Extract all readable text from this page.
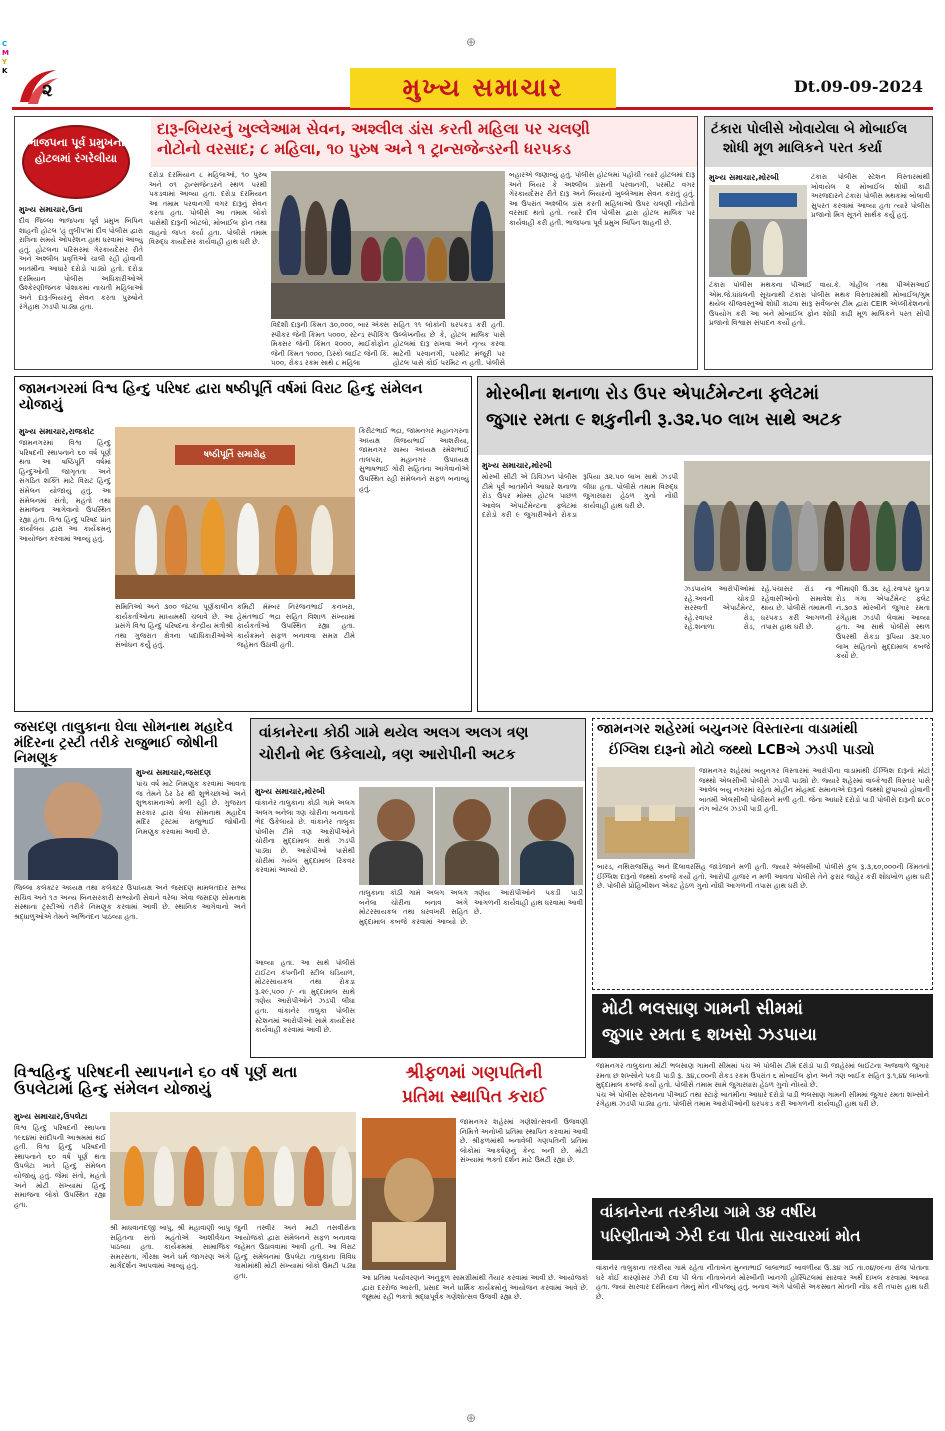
C
M
Y
K
⊕
⊕
૨	મુખ્ય સમાચાર	Dt.09-09-2024
દારૂ-બિયરનું ખુલ્લેઆમ સેવન, અશ્લીલ ડાંસ કરતી મહિલા પર ચલણી
નોટોનો વરસાદ; ૮ મહિલા, ૧૦ પુરુષ અને ૧ ટ્રાન્સજેન્ડરની ધરપકડ
મુખ્ય સમાચાર,ઉના
દીવ જિલ્લા ભાજપના પૂર્વ પ્રમુખ બિપિન શાહની હોટલ 'હ તુલીપ'માં દીવ પોલીસ દ્વારા રાત્રિના સમયે ઓપરેશન હાથ ધરવામાં આવ્યું હતું. હોટલના પરિસરમાં ગેરકાયદેસર રીતે અને અશ્લીલ પ્રવૃત્તિઓ ચાલી રહી હોવાની બાતમીના આધારે દરોડો પાડ્યો હતો. દરોડા દરમિયાન પોલીસ અધિકારીઓએ ઉશ્કેરણીજનક પોશાકમાં નાચતી મહિલાઓ અને દારૂ-બિયરનું સેવન કરતા પુરુષોને રંગેહાથ ઝડપી પાડ્યા હતા.
દરોડા દરમિયાન ૮ મહિલાઓ, ૧૦ પુરુષ અને ૦૧ ટ્રાન્સજેન્ડરને સ્થળ પરથી પકડવામાં આવ્યા હતા. દરોડા દરમિયાન આ તમામ પરવાનગી વગર દારૂનું સેવન કરતા હતા. પોલીસે આ તમામ લોકો પાસેથી દારૂની બોટલો, મોબાઈલ ફોન તથા વાહનો જપ્ત કર્યા હતા. પોલીસે તમામ વિરુદ્ધ કાયદેસર કાર્યવાહી હાથ ધરી છે.
વિદેશી દારૂની કિંમત ૩૦,૦૦૦, બાર એક્સ સ્પીકર જેની કિંમત ૫૦૦૦, સ્ટેન્ડ સ્પીકિંગ મિક્સર જેની કિંમત ૨૦૦૦, માઈકોફોન જેની કિંમત ૧૦૦૦, ડિસ્કો લાઈટ જેની કિં. ૫૦૦, રોકડ રકમ સાથે ૮ મહિલા
સહિત ૧૧ લોકોની ધરપકડ કરી હતી. ઉલ્લેખનીય છે કે, હોટલ માલિક પાસે હોટલમાં દારૂ રાખવા અને નૃત્ય કરવા માટેની પરવાનગી, પરમીટ મંજૂરી પર હોટલ પાસે કોઈ પરમિટ ન હતી. પોલીસે
બહારએ જણાવ્યું હતું. પોલીસ હોટલમાં પહોંચી ત્યારે હોટલમાં દારૂ અને બિયર કે અશ્લીલ ડાંસની પરવાનગી, પરમીટ વગર ગેરકાયદેસર રીતે દારૂ અને બિયરનો ખુલ્લેઆમ સેવન કરાતું હતું. આ ઉપરાંત અશ્લીલ ડાંસ કરતી મહિલાઓ ઉપર ચલણી નોટોનો વરસાદ થતો હતો. ત્યારે દીવ પોલીસ દ્વારા હોટલ માલિક પર કાર્યવાહી કરી હતી. ભાજપના પૂર્વ પ્રમુખ બિપિન શાહની છે.
ભાજપના પૂર્વ પ્રમુખની હોટલમાં રંગરેલીયા
ટંકારા પોલીસે ખોવાયેલા બે મોબાઈલ
શોધી મૂળ માલિકને પરત કર્યા
મુખ્ય સમાચાર,મોરબી	ટંકારા પોલીસ સ્ટેશન વિસ્તારમાંથી ખોવાયેલ ૨ મોબાઈલ શોધી કાઢી અરજદારને ટંકારા પોલીસ મથકમાં બોલાવી સુપરત કરવામાં આવ્યા હતા ત્યારે પોલીસ પ્રજાનો મિત્ર સૂત્રને સાર્થક કર્યું હતું.
ટંકારા પોલીસ મથકના પીઆઈ વાય.કે. ગોહીલ તથા પીએસઆઈ એમ.જે.ધાંધલની સૂચનાથી ટંકારા પોલીસ મથક વિસ્તારમાંથી મોબાઈલ/ગુમ થયેલ ચીજવસ્તુઓ શોધી કાઢવા સારૂ સર્વેલન્સ ટીમ દ્વારા CEIR એપ્લીકેશનનો ઉપયોગ કરી આ બંને મોબાઈલ ફોન શોધી કાઢી મૂળ માલિકને પરત સોંપી પ્રજાનો વિશ્વાસ સંપાદન કર્યો હતો.
જામનગરમાં વિશ્વ હિન્દુ પરિષદ દ્વારા ષષ્ઠીપૂર્તિ વર્ષમાં વિરાટ હિન્દુ સંમેલન યોજાયું
મુખ્ય સમાચાર,રાજકોટ
જામનગરમાં વિશ્વ હિન્દુ પરિષદની સ્થાપનાને ૬૦ વર્ષ પૂર્ણ થતા આ ષષ્ઠિપૂર્તિ વર્ષમાં હિન્દુઓની જાગૃતતા અને સંગઠિત શક્તિ માટે વિરાટ હિન્દુ સંમેલન યોજાયું હતું. આ સંમેલનમાં સંતો, મહંતો તથા સમાજના આગેવાનો ઉપસ્થિત રહ્યા હતા. વિશ્વ હિન્દુ પરિષદ પ્રાંત કાર્યાલય દ્વારા આ કાર્યક્રમનું આયોજન કરવામાં આવ્યું હતું.
ષષ્ઠીપૂર્તિ સમારોહ
સમિતિઓ અને ૩૦૦ જેટલા પૂર્ણકાલીન કાર્યકર્તાઓના માધ્યમથી ચલાવે છે. આ પ્રસંગે વિશ્વ હિન્દુ પરિષદના કેન્દ્રીય મંત્રીશ્રી તથા ગુજરાત ક્ષેત્રના પદાધિકારીઓએ સંબોધન કર્યું હતું.
કમિટી મેમ્બર નિરંજનભાઈ કનખરા, હેમંતભાઈ ભદ્રા સહિત વિશાળ સંખ્યામાં કાર્યકર્તાઓ ઉપસ્થિત રહ્યા હતા. કાર્યક્રમને સફળ બનાવવા સમગ્ર ટીમે જહેમત ઉઠાવી હતી.
કિરીટભાઈ ભદ્રા, જામનગર મહાનગરના અધ્યક્ષ વિજયભાઈ આશરીયા, જામનગર ગ્રામ્ય અધ્યક્ષ રમેશભાઈ તાલપરા, મહાનગર ઉપાધ્યક્ષ સુભાષભાઈ ગોરી સહિતના આગેવાનોએ ઉપસ્થિત રહી સંમેલનને સફળ બનાવ્યું હતું.
મોરબીના શનાળા રોડ ઉપર એપાર્ટમેન્ટના ફ્લેટમાં
જુગાર રમતા ૯ શકુનીની રૂ.૩૨.૫૦ લાખ સાથે અટક
મુખ્ય સમાચાર,મોરબી
મોરબી સીટી એ ડિવિઝન પોલીસ ટીમે પૂર્વ બાતમીને આધારે શનાળા રોડ ઉપર મોમ્સ હોટલ પાછળ આવેલ એપાર્ટમેન્ટના ફ્લેટમાં દરોડો કરી ૯ જુગારીઓને રોકડા રૂપિયા ૩૨.૫૦ લાખ સાથે ઝડપી લીધા હતા. પોલીસે તમામ વિરુદ્ધ જુગારધારા હેઠળ ગુનો નોંધી કાર્યવાહી હાથ ધરી છે.
ઝડપાયેલ આરોપીઓમાં રહે.અવની ચોકડી સરસ્વતી એપાર્ટમેન્ટ, રહે.રવાપર રોડ, રહે.શનાળા રોડ, રહે.પંચાસર રોડ ના રહેવાસીઓનો સમાવેશ થાય છે. પોલીસે તમામની ધરપકડ કરી આગળની તપાસ હાથ ધરી છે.
ભીમાણી ઉ.૩૬ રહે.રવાપર ધુનડા રોડ ગંગા એપાર્ટમેન્ટ ફ્લેટ નં.૩૦૩ મોરબીને જુગાર રમતા રંગેહાથ ઝડપી લેવામાં આવ્યા હતા. આ સાથે પોલીસે સ્થળ ઉપરથી રોકડા રૂપિયા ૩૨.૫૦ લાખ સહિતનો મુદ્દામાલ કબજે કર્યો છે.
જસદણ તાલુકાના ઘેલા સોમનાથ મહાદેવ મંદિરના ટ્રસ્ટી તરીકે રાજુભાઈ જોષીની નિમણૂક
મુખ્ય સમાચાર,જસદણ
પાંચ વર્ષ માટે નિમણુક કરવામાં આવતા જ તેમને ઠેર ઠેર થી શુભેચ્છાઓ અને શુભકામનાઓ મળી રહી છે. ગુજરાત સરકાર દ્વારા ઘેલા સોમનાથ મહાદેવ મંદિર ટ્રસ્ટમાં રાજુભાઈ જોષીની નિમણુક કરવામાં આવી છે.
જિલ્લા કલેક્ટર અધ્યક્ષ તથા કલેક્ટર ઉપાધ્યક્ષ અને જસદણ મામલતદાર સભ્ય સચિવ અને ૧૭ અન્ય બિનસરકારી સભ્યોની સેવાને વરેલા એવા જસદણ સોમનાથ સંસ્થાના ટ્રસ્ટીઓ તરીકે નિમણૂક કરવામાં આવી છે. સ્થાનિક આગેવાનો અને શ્રદ્ધાળુઓએ તેમને અભિનંદન પાઠવ્યા હતા.
વાંકાનેરના કોઠી ગામે થયેલ અલગ અલગ ત્રણ
ચોરીનો ભેદ ઉકેલાયો, ત્રણ આરોપીની અટક
મુખ્ય સમાચાર,મોરબી
વાંકાનેર તાલુકાના કોઠી ગામે અલગ અલગ બનેલા ત્રણ ચોરીના બનાવનો ભેદ ઉકેલાયો છે. વાંકાનેર તાલુકા પોલીસ ટીમે ત્રણ આરોપીઓને ચોરીના મુદ્દામાલ સાથે ઝડપી પાડ્યા છે. આરોપીઓ પાસેથી ચોરીમાં ગયેલ મુદ્દામાલ રિકવર કરવામાં આવ્યો છે.
તાલુકાના કોઠી ગામે અલગ અલગ બનેલા ચોરીના બનાવ અંગે મોટરસાયકલ તથા ઘરવખરી સહિત મુદ્દામાલ કબજે કરવામાં આવ્યો છે. ત્રણેય આરોપીઓને પકડી પાડી આગળની કાર્યવાહી હાથ ધરવામાં આવી છે.
આવ્યા હતા. આ સાથે પોલીસે ટાઈટન કંપનીની સ્ટીલ ઘડિયાળ, મોટરસાયકલ તથા રોકડા રૂ.૨૯,૫૦૦ /- ના મુદ્દામાલ સાથે ત્રણેય આરોપીઓને ઝડપી લીધા હતા. વાંકાનેર તાલુકા પોલીસ સ્ટેશનમાં આરોપીઓ સામે કાયદેસર કાર્યવાહી કરવામાં આવી છે.
જામનગર શહેરમાં બયુનગર વિસ્તારના વાડામાંથી
ઈંગ્લિશ દારૂનો મોટો જથ્થો LCBએ ઝડપી પાડ્યો
જામનગર શહેરમાં બયુનગર વિસ્તારમાં આરોપીના વાડામાંથી ઈંગ્લિશ દારૂનો મોટો જથ્થો એલસીબી પોલીસે ઝડપી પાડ્યો છે. જ્યારે શહેરમાં વાલ્કેશ્વરી વિસ્તાર પાસે આવેલ બયુ નગરમાં રહેતા મોહીન મોહમદ સમાનાએ દારૂનો જથ્થો છુપાવ્યો હોવાની બાતમી એલસીબી પોલીસને મળી હતી. જેના આધારે દરોડો પાડી પોલીસે દારૂની ૪૮૦ નંગ બોટલ ઝડપી પાડી હતી.
બારડ, નથિરાજસિંહ અને દિલાવરસિંહ જાડેજાને મળી હતી. જ્યારે એલસીબી પોલીસે કુલ રૂ.૩,૬૦,૦૦૦ની કિંમતનો ઈંગ્લિશ દારૂનો જથ્થો કબજે કર્યો હતો. આરોપી હાજર ન મળી આવતા પોલીસે તેને ફરાર જાહેર કરી શોધખોળ હાથ ધરી છે. પોલીસે પ્રોહિબીશન એક્ટ હેઠળ ગુનો નોંધી આગળની તપાસ હાથ ધરી છે.
મોટી ભલસાણ ગામની સીમમાં
જુગાર રમતા ૬ શખસો ઝડપાયા
જામનગર તાલુકાના મોટી ભલસાણ ગામની સીમમાં પંચ એ પોલીસ ટીમે દરોડો પાડી જાહેરમાં લાઈટના અજવાળે જુગાર રમતા છ શખ્સોને પકડી પાડી રૂ. ૩૪,૮૦૦ની રોકડ રકમ ઉપરાંત ૬ મોબાઈલ ફોન અને ત્રણ બાઈક સહિત રૂ.૧,૪૪ લાખનો મુદ્દામાલ કબજે કર્યો હતો. પોલીસે તમામ સામે જુગારધારા હેઠળ ગુનો નોંધ્યો છે.
પંચ એ પોલીસ સ્ટેશનના પીઆઈ તથા સ્ટાફે બાતમીના આધારે દરોડો પાડી ભલસાણ ગામની સીમમાં જુગાર રમતા શખ્સોને રંગેહાથ ઝડપી પાડ્યા હતા. પોલીસે તમામ આરોપીઓની ધરપકડ કરી આગળની કાર્યવાહી હાથ ધરી છે.
વિશ્વહિન્દુ પરિષદની સ્થાપનાને ૬૦ વર્ષ પૂર્ણ થતા ઉપલેટામાં હિન્દુ સંમેલન યોજાયું
મુખ્ય સમાચાર,ઉપલેટા
વિશ્વ હિન્દુ પરિષદની સ્થાપના ૧૯૬૪માં સાંદીપની આશ્રમમાં થઈ હતી. વિશ્વ હિન્દુ પરિષદની સ્થાપનાને ૬૦ વર્ષ પૂર્ણ થતા ઉપલેટા ખાતે હિન્દુ સંમેલન યોજાયું હતું. જેમાં સંતો, મહંતો અને મોટી સંખ્યામાં હિન્દુ સમાજના લોકો ઉપસ્થિત રહ્યા હતા.
શ્રી માધવાનંદજી બાપુ, શ્રી મહાવાણી બાપુ સહિતના સંતો મહંતોએ આશીર્વચન પાઠવ્યા હતા. કાર્યક્રમમાં સામાજિક સમરસતા, ગૌરક્ષા અને ધર્મ જાગરણ અંગે માર્ગદર્શન આપવામાં આવ્યું હતું.
જુની તસ્વીર અને માટી તસવીરોના આયોજકો દ્વારા સંમેલનને સફળ બનાવવા જહેમત ઉઠાવવામાં આવી હતી. આ વિરાટ હિન્દુ સંમેલનમાં ઉપલેટા તાલુકાના વિવિધ ગામોમાંથી મોટી સંખ્યામાં લોકો ઉમટી પડ્યા હતા.
શ્રીફળમાં ગણપતિની
પ્રતિમા સ્થાપિત કરાઈ
જામનગર શહેરમાં ગણેશોત્સવની ઉજવણી નિમિત્તે અનોખી પ્રતિમા સ્થાપિત કરવામાં આવી છે. શ્રીફળમાંથી બનાવેલી ગણપતિની પ્રતિમા લોકોમાં આકર્ષણનું કેન્દ્ર બની છે. મોટી સંખ્યામાં ભક્તો દર્શન માટે ઉમટી રહ્યા છે.
આ પ્રતિમા પર્યાવરણને અનુકૂળ સામગ્રીમાંથી તૈયાર કરવામાં આવી છે. આયોજકો દ્વારા દરરોજ આરતી, પ્રસાદ અને ધાર્મિક કાર્યક્રમોનું આયોજન કરવામાં આવે છે. જૂથમાં રહી ભક્તો શ્રદ્ધાપૂર્વક ગણેશોત્સવ ઉજવી રહ્યા છે.
વાંકાનેરના તરકીયા ગામે ૩૪ વર્ષીય
પરિણીતાએ ઝેરી દવા પીતા સારવારમાં મોત
વાંકાનેર તાલુકાના તરકીયા ગામે રહેતા નીતાબેન મુન્નાભાઈ લાલાભાઈ બાવળીયા ઉ.૩૪ ગઈ તા.૦૪/૦૯ના રોજ પોતાના ઘરે કોઈ કારણોસર ઝેરી દવા પી લેતા નીતાબેનને મોરબીની ખાનગી હોસ્પિટલમાં સારવાર અર્થે દાખલ કરવામાં આવ્યા હતા. જ્યાં સારવાર દરમિયાન તેમનું મોત નીપજ્યું હતું. બનાવ અંગે પોલીસે અકસ્માત મોતની નોંધ કરી તપાસ હાથ ધરી છે.
